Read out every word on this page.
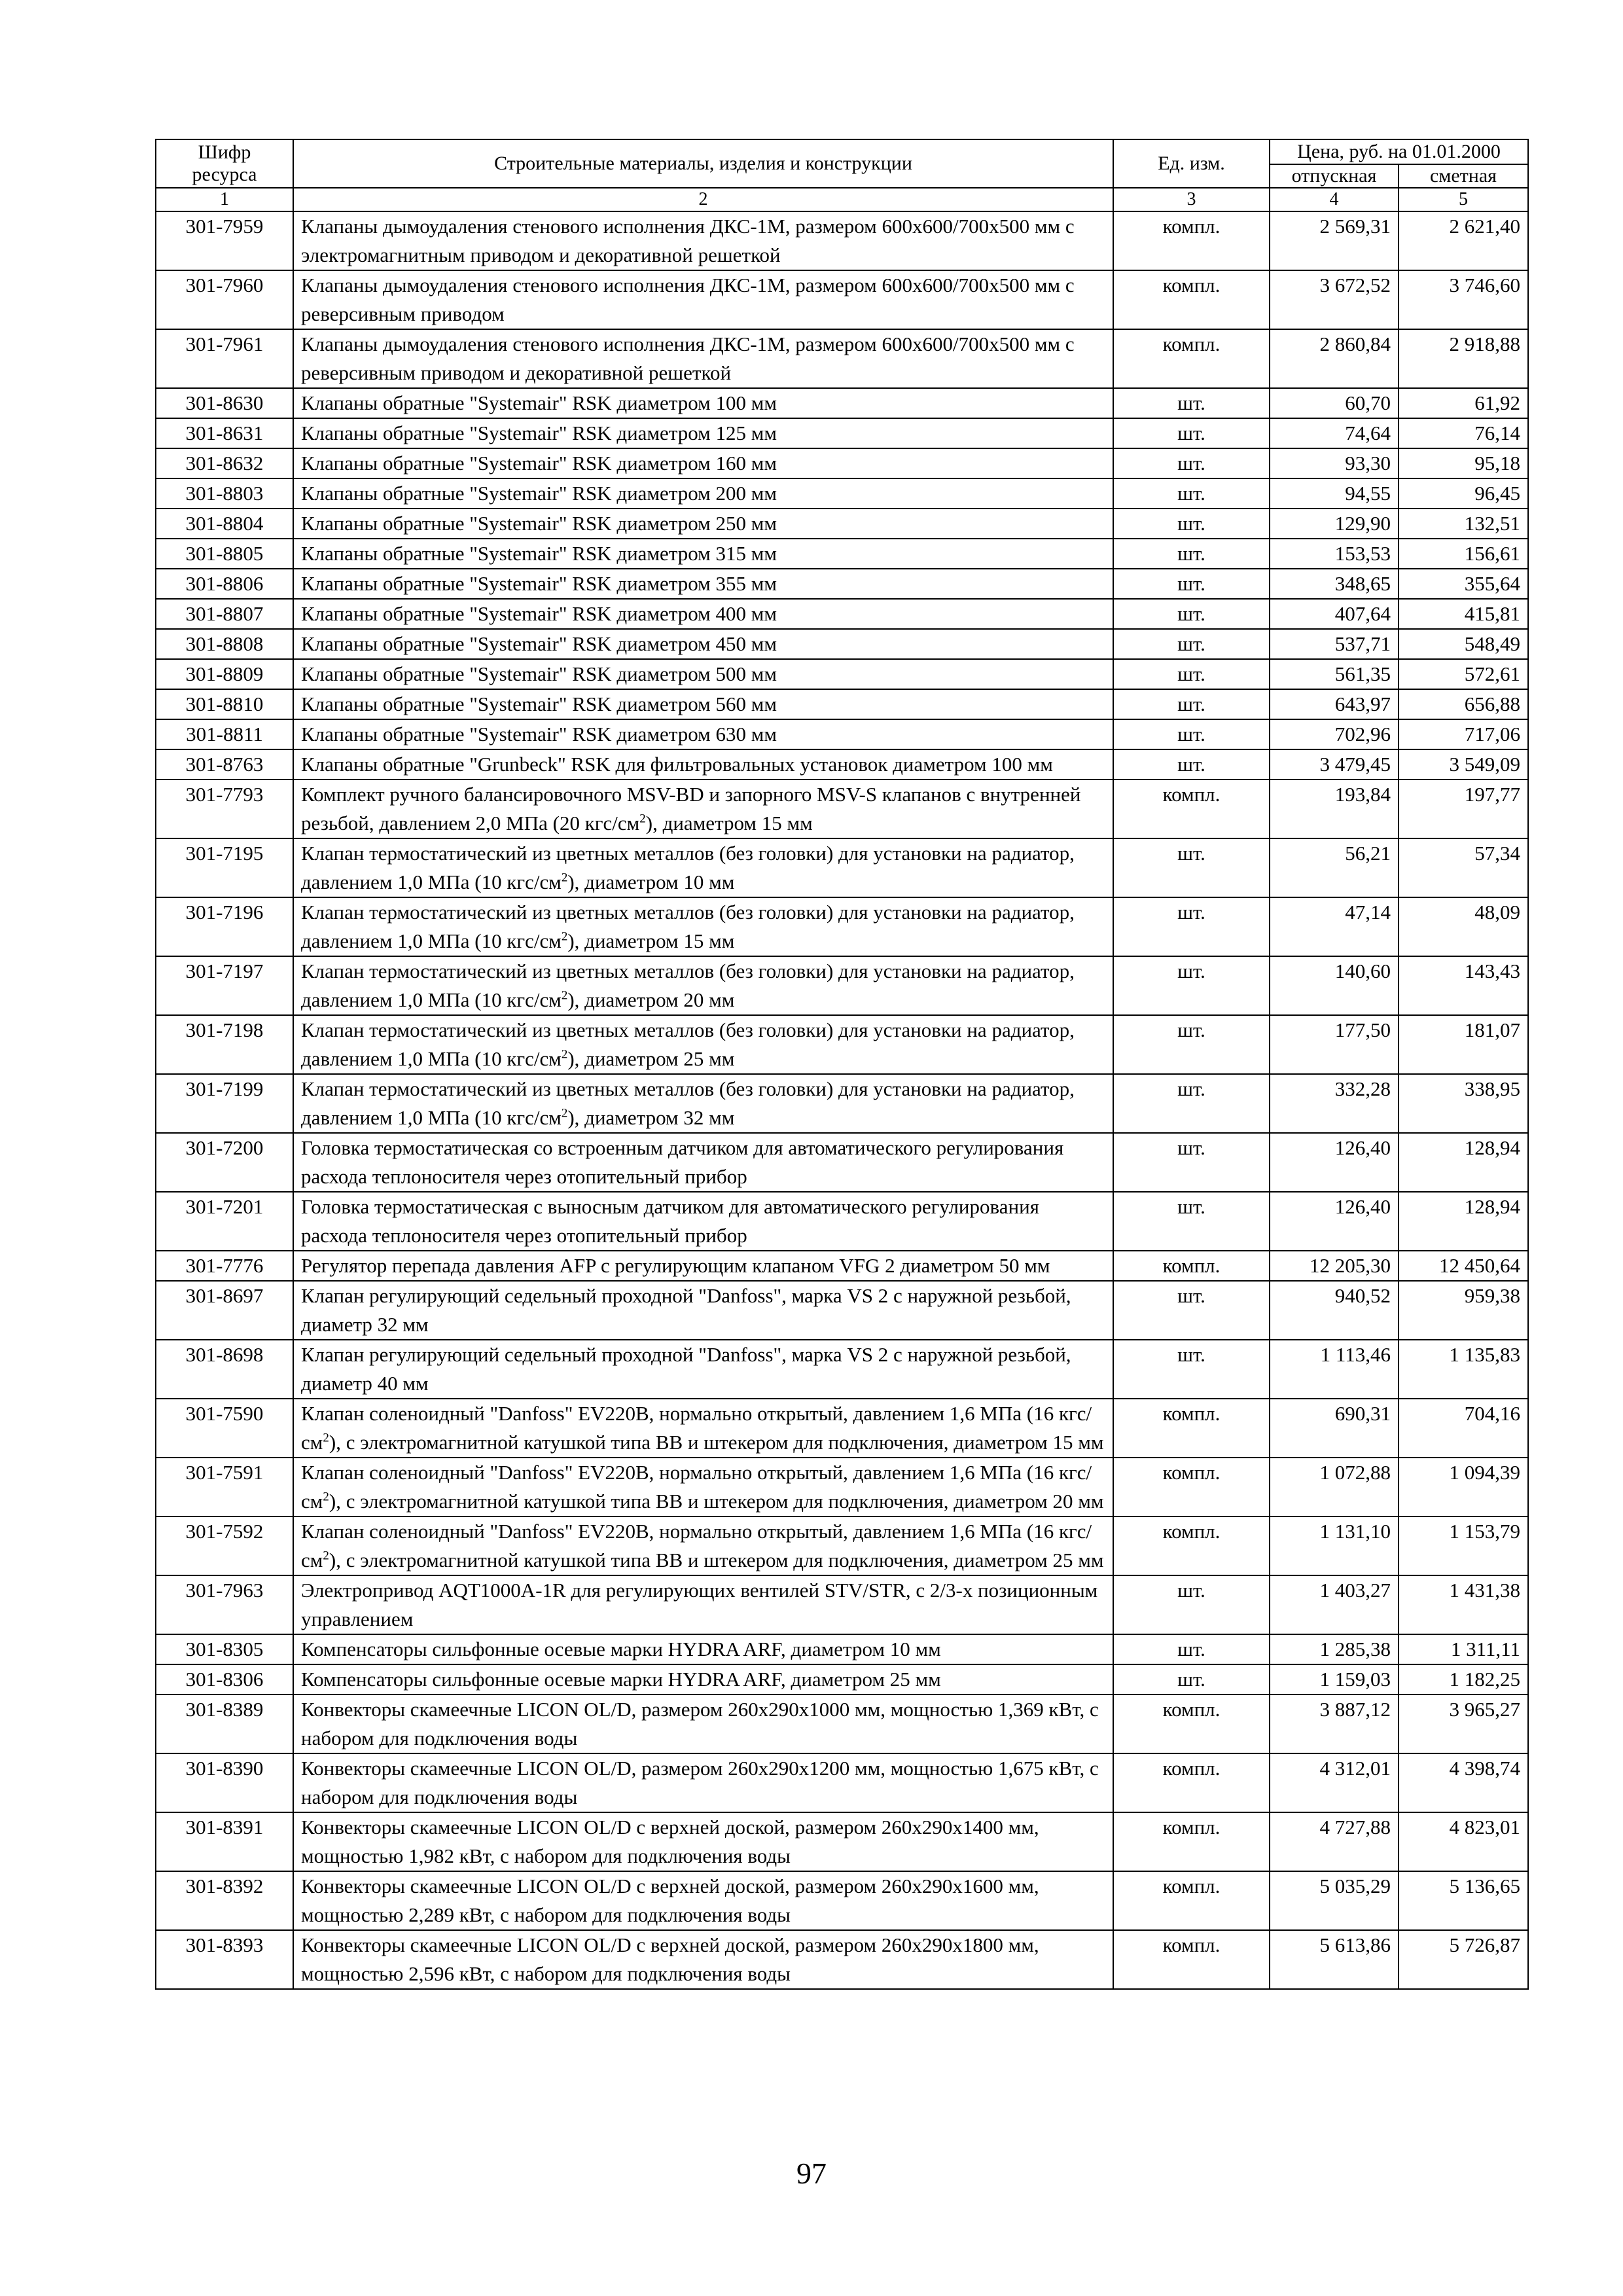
Шифр ресурса	Строительные материалы, изделия и конструкции	Ед. изм.	Цена, руб. на 01.01.2000	
			отпускная	сметная
1	2	3	4	5
301-7959	Клапаны дымоудаления стенового исполнения ДКС-1М, размером 600х600/700х500 мм с электромагнитным приводом и декоративной решеткой	компл.	2 569,31	2 621,40
301-7960	Клапаны дымоудаления стенового исполнения ДКС-1М, размером 600х600/700х500 мм с реверсивным приводом	компл.	3 672,52	3 746,60
301-7961	Клапаны дымоудаления стенового исполнения ДКС-1М, размером 600х600/700х500 мм с реверсивным приводом и декоративной решеткой	компл.	2 860,84	2 918,88
301-8630	Клапаны обратные "Systemair" RSK диаметром 100 мм	шт.	60,70	61,92
301-8631	Клапаны обратные "Systemair" RSK диаметром 125 мм	шт.	74,64	76,14
301-8632	Клапаны обратные "Systemair" RSK диаметром 160 мм	шт.	93,30	95,18
301-8803	Клапаны обратные "Systemair" RSK диаметром 200 мм	шт.	94,55	96,45
301-8804	Клапаны обратные "Systemair" RSK диаметром 250 мм	шт.	129,90	132,51
301-8805	Клапаны обратные "Systemair" RSK диаметром 315 мм	шт.	153,53	156,61
301-8806	Клапаны обратные "Systemair" RSK диаметром 355 мм	шт.	348,65	355,64
301-8807	Клапаны обратные "Systemair" RSK диаметром 400 мм	шт.	407,64	415,81
301-8808	Клапаны обратные "Systemair" RSK диаметром 450 мм	шт.	537,71	548,49
301-8809	Клапаны обратные "Systemair" RSK диаметром 500 мм	шт.	561,35	572,61
301-8810	Клапаны обратные "Systemair" RSK диаметром 560 мм	шт.	643,97	656,88
301-8811	Клапаны обратные "Systemair" RSK диаметром 630 мм	шт.	702,96	717,06
301-8763	Клапаны обратные "Grunbeck" RSK для фильтровальных установок диаметром 100 мм	шт.	3 479,45	3 549,09
301-7793	Комплект ручного балансировочного MSV-BD и запорного MSV-S клапанов с внутренней резьбой, давлением 2,0 МПа (20 кгс/$см^2$), диаметром 15 мм	компл.	193,84	197,77
301-7195	Клапан термостатический из цветных металлов (без головки) для установки на радиатор, давлением 1,0 МПа (10 кгс/$см^2$), диаметром 10 мм	шт.	56,21	57,34
301-7196	Клапан термостатический из цветных металлов (без головки) для установки на радиатор, давлением 1,0 МПа (10 кгс/$см^2$), диаметром 15 мм	шт.	47,14	48,09
301-7197	Клапан термостатический из цветных металлов (без головки) для установки на радиатор, давлением 1,0 МПа (10 кгс/$см^2$), диаметром 20 мм	шт.	140,60	143,43
301-7198	Клапан термостатический из цветных металлов (без головки) для установки на радиатор, давлением 1,0 МПа (10 кгс/$см^2$), диаметром 25 мм	шт.	177,50	181,07
301-7199	Клапан термостатический из цветных металлов (без головки) для установки на радиатор, давлением 1,0 МПа (10 кгс/$см^2$), диаметром 32 мм	шт.	332,28	338,95
301-7200	Головка термостатическая со встроенным датчиком для автоматического регулирования расхода теплоносителя через отопительный прибор	шт.	126,40	128,94
301-7201	Головка термостатическая с выносным датчиком для автоматического регулирования расхода теплоносителя через отопительный прибор	шт.	126,40	128,94
301-7776	Регулятор перепада давления AFP с регулирующим клапаном VFG 2 диаметром 50 мм	компл.	12 205,30	12 450,64
301-8697	Клапан регулирующий седельный проходной "Danfoss", марка VS 2 с наружной резьбой, диаметр 32 мм	шт.	940,52	959,38
301-8698	Клапан регулирующий седельный проходной "Danfoss", марка VS 2 с наружной резьбой, диаметр 40 мм	шт.	1 113,46	1 135,83
301-7590	Клапан соленоидный "Danfoss" EV220B, нормально открытый, давлением 1,6 МПа (16 кгс/$см^2$), с электромагнитной катушкой типа BB и штекером для подключения, диаметром 15 мм	компл.	690,31	704,16
301-7591	Клапан соленоидный "Danfoss" EV220B, нормально открытый, давлением 1,6 МПа (16 кгс/$см^2$), с электромагнитной катушкой типа BB и штекером для подключения, диаметром 20 мм	компл.	1 072,88	1 094,39
301-7592	Клапан соленоидный "Danfoss" EV220B, нормально открытый, давлением 1,6 МПа (16 кгс/$см^2$), с электромагнитной катушкой типа BB и штекером для подключения, диаметром 25 мм	компл.	1 131,10	1 153,79
301-7963	Электропривод AQT1000A-1R для регулирующих вентилей STV/STR, с 2/3-х позиционным управлением	шт.	1 403,27	1 431,38
301-8305	Компенсаторы сильфонные осевые марки HYDRA ARF, диаметром 10 мм	шт.	1 285,38	1 311,11
301-8306	Компенсаторы сильфонные осевые марки HYDRA ARF, диаметром 25 мм	шт.	1 159,03	1 182,25
301-8389	Конвекторы скамеечные LICON OL/D, размером 260х290х1000 мм, мощностью 1,369 кВт, с набором для подключения воды	компл.	3 887,12	3 965,27
301-8390	Конвекторы скамеечные LICON OL/D, размером 260х290х1200 мм, мощностью 1,675 кВт, с набором для подключения воды	компл.	4 312,01	4 398,74
301-8391	Конвекторы скамеечные LICON OL/D с верхней доской, размером 260х290х1400 мм, мощностью 1,982 кВт, с набором для подключения воды	компл.	4 727,88	4 823,01
301-8392	Конвекторы скамеечные LICON OL/D с верхней доской, размером 260х290х1600 мм, мощностью 2,289 кВт, с набором для подключения воды	компл.	5 035,29	5 136,65
301-8393	Конвекторы скамеечные LICON OL/D с верхней доской, размером 260х290х1800 мм, мощностью 2,596 кВт, с набором для подключения воды	компл.	5 613,86	5 726,87
97
